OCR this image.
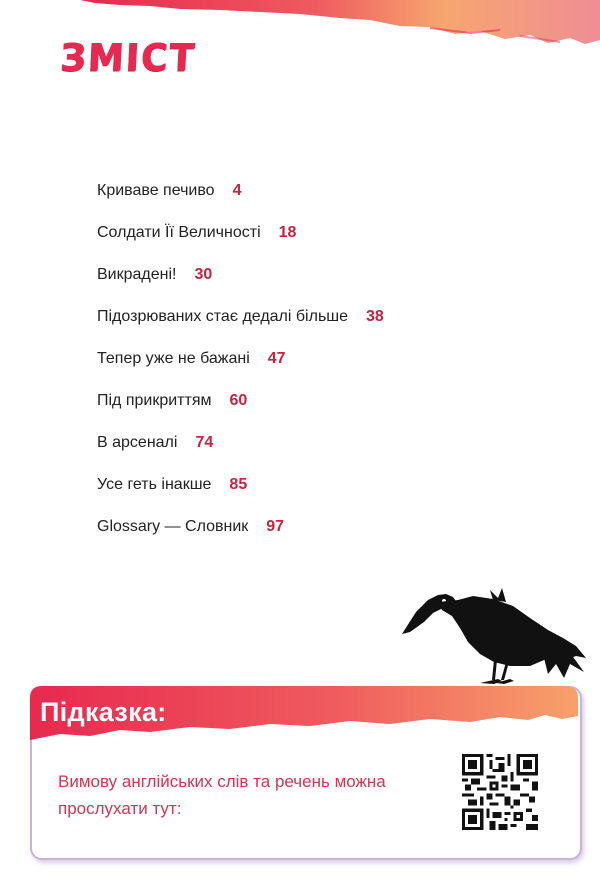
ЗМІСТ
Криваве печиво 4
Солдати Її Величності 18
Викрадені! 30
Підозрюваних стає дедалі більше 38
Тепер уже не бажані 47
Під прикриттям 60
В арсеналі 74
Усе геть інакше 85
Glossary — Словник 97
Підказка:

Вимову англійських слів та речень можна прослухати тут:
